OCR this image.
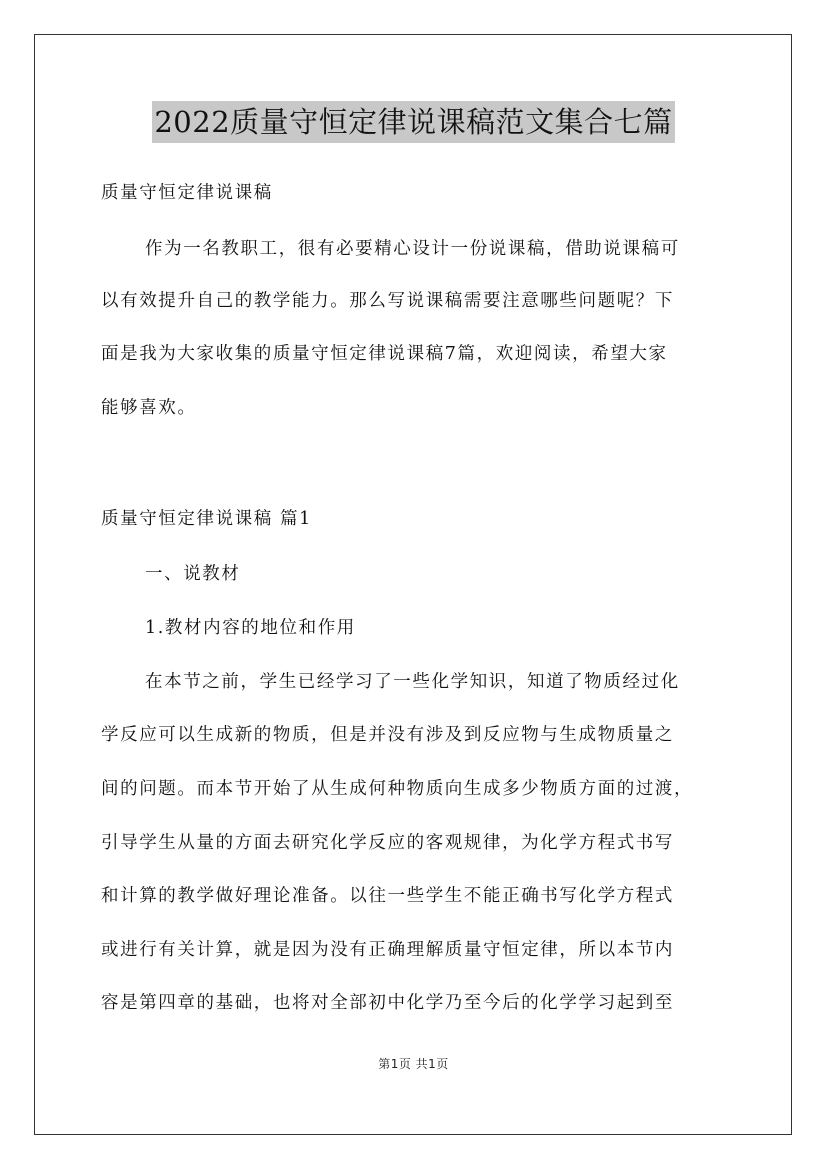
2022质量守恒定律说课稿范文集合七篇
质量守恒定律说课稿
作为一名教职工，很有必要精心设计一份说课稿，借助说课稿可
以有效提升自己的教学能力。那么写说课稿需要注意哪些问题呢？下
面是我为大家收集的质量守恒定律说课稿7篇，欢迎阅读，希望大家
能够喜欢。
质量守恒定律说课稿 篇1
一、说教材
1.教材内容的地位和作用
在本节之前，学生已经学习了一些化学知识，知道了物质经过化
学反应可以生成新的物质，但是并没有涉及到反应物与生成物质量之
间的问题。而本节开始了从生成何种物质向生成多少物质方面的过渡，
引导学生从量的方面去研究化学反应的客观规律，为化学方程式书写
和计算的教学做好理论准备。以往一些学生不能正确书写化学方程式
或进行有关计算，就是因为没有正确理解质量守恒定律，所以本节内
容是第四章的基础，也将对全部初中化学乃至今后的化学学习起到至
第1页 共1页
